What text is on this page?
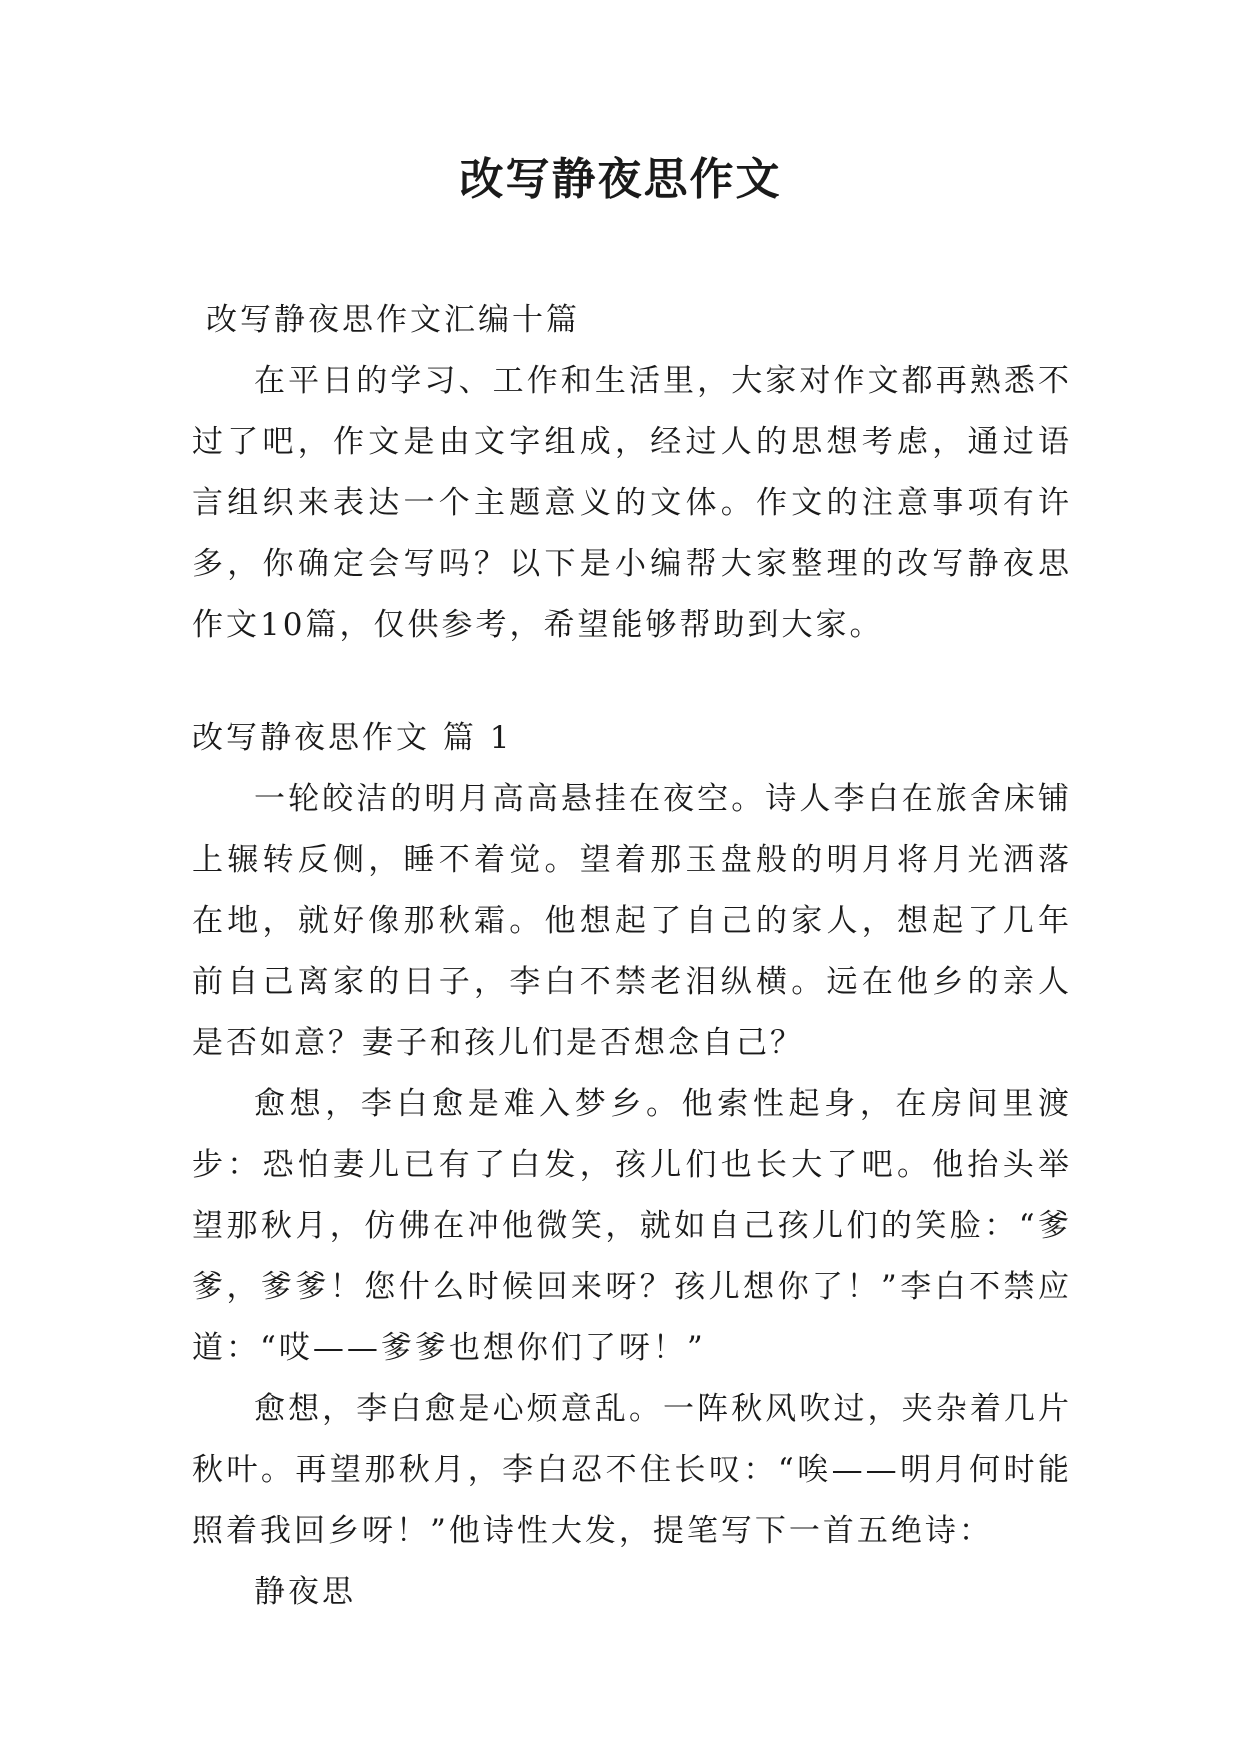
改写静夜思作文

改写静夜思作文汇编十篇

在平日的学习、工作和生活里，大家对作文都再熟悉不过了吧，作文是由文字组成，经过人的思想考虑，通过语言组织来表达一个主题意义的文体。作文的注意事项有许多，你确定会写吗？以下是小编帮大家整理的改写静夜思作文10篇，仅供参考，希望能够帮助到大家。

改写静夜思作文 篇 1

一轮皎洁的明月高高悬挂在夜空。诗人李白在旅舍床铺上辗转反侧，睡不着觉。望着那玉盘般的明月将月光洒落在地，就好像那秋霜。他想起了自己的家人，想起了几年前自己离家的日子，李白不禁老泪纵横。远在他乡的亲人是否如意？妻子和孩儿们是否想念自己？

愈想，李白愈是难入梦乡。他索性起身，在房间里渡步：恐怕妻儿已有了白发，孩儿们也长大了吧。他抬头举望那秋月，仿佛在冲他微笑，就如自己孩儿们的笑脸：“爹爹，爹爹！您什么时候回来呀？孩儿想你了！”李白不禁应道：“哎——爹爹也想你们了呀！”

愈想，李白愈是心烦意乱。一阵秋风吹过，夹杂着几片秋叶。再望那秋月，李白忍不住长叹：“唉——明月何时能照着我回乡呀！”他诗性大发，提笔写下一首五绝诗：

静夜思
